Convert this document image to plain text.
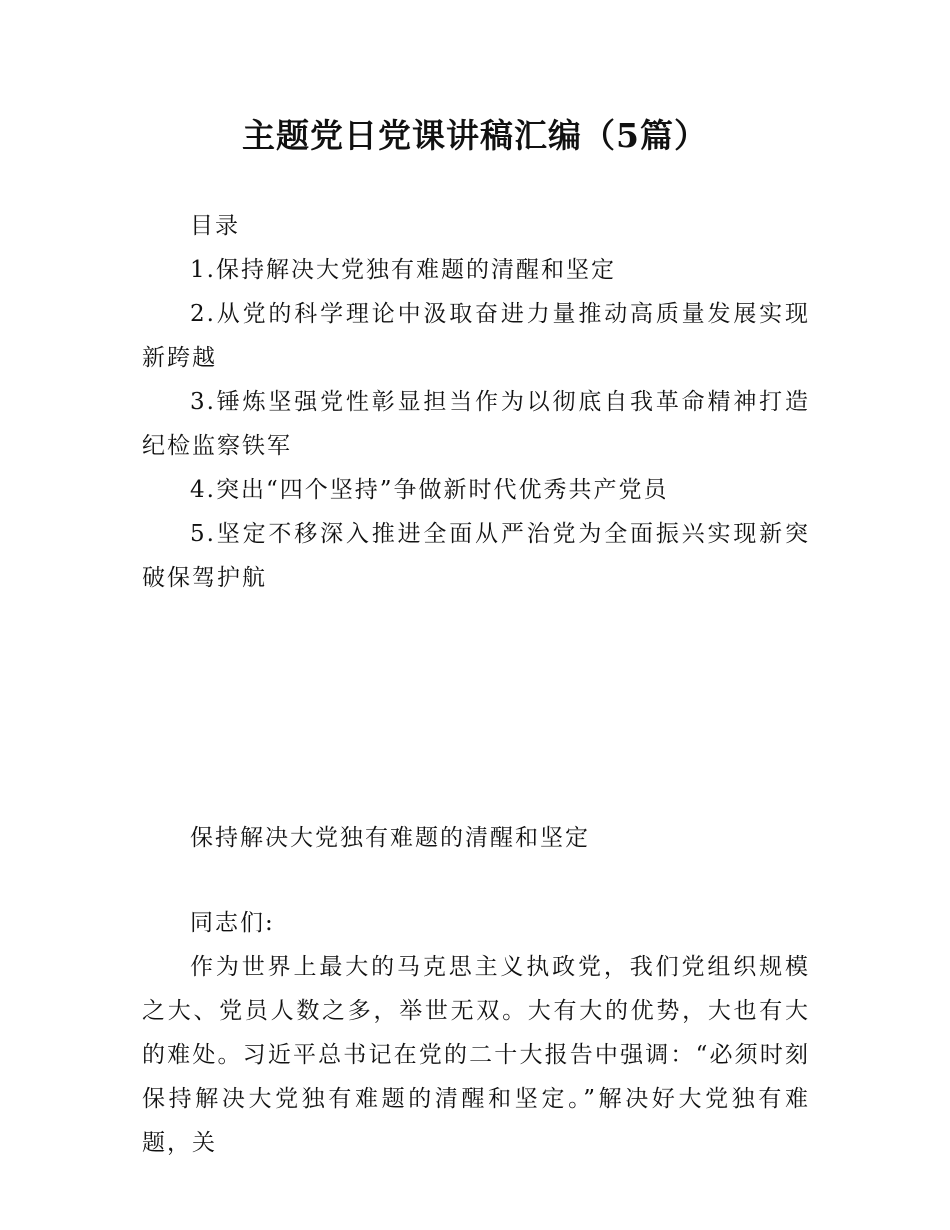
主题党日党课讲稿汇编（5篇）

目录

1.保持解决大党独有难题的清醒和坚定

2.从党的科学理论中汲取奋进力量推动高质量发展实现新跨越

3.锤炼坚强党性彰显担当作为以彻底自我革命精神打造纪检监察铁军

4.突出“四个坚持”争做新时代优秀共产党员

5.坚定不移深入推进全面从严治党为全面振兴实现新突破保驾护航

保持解决大党独有难题的清醒和坚定

同志们:

作为世界上最大的马克思主义执政党，我们党组织规模之大、党员人数之多，举世无双。大有大的优势，大也有大的难处。习近平总书记在党的二十大报告中强调：“必须时刻保持解决大党独有难题的清醒和坚定。”解决好大党独有难题，关
